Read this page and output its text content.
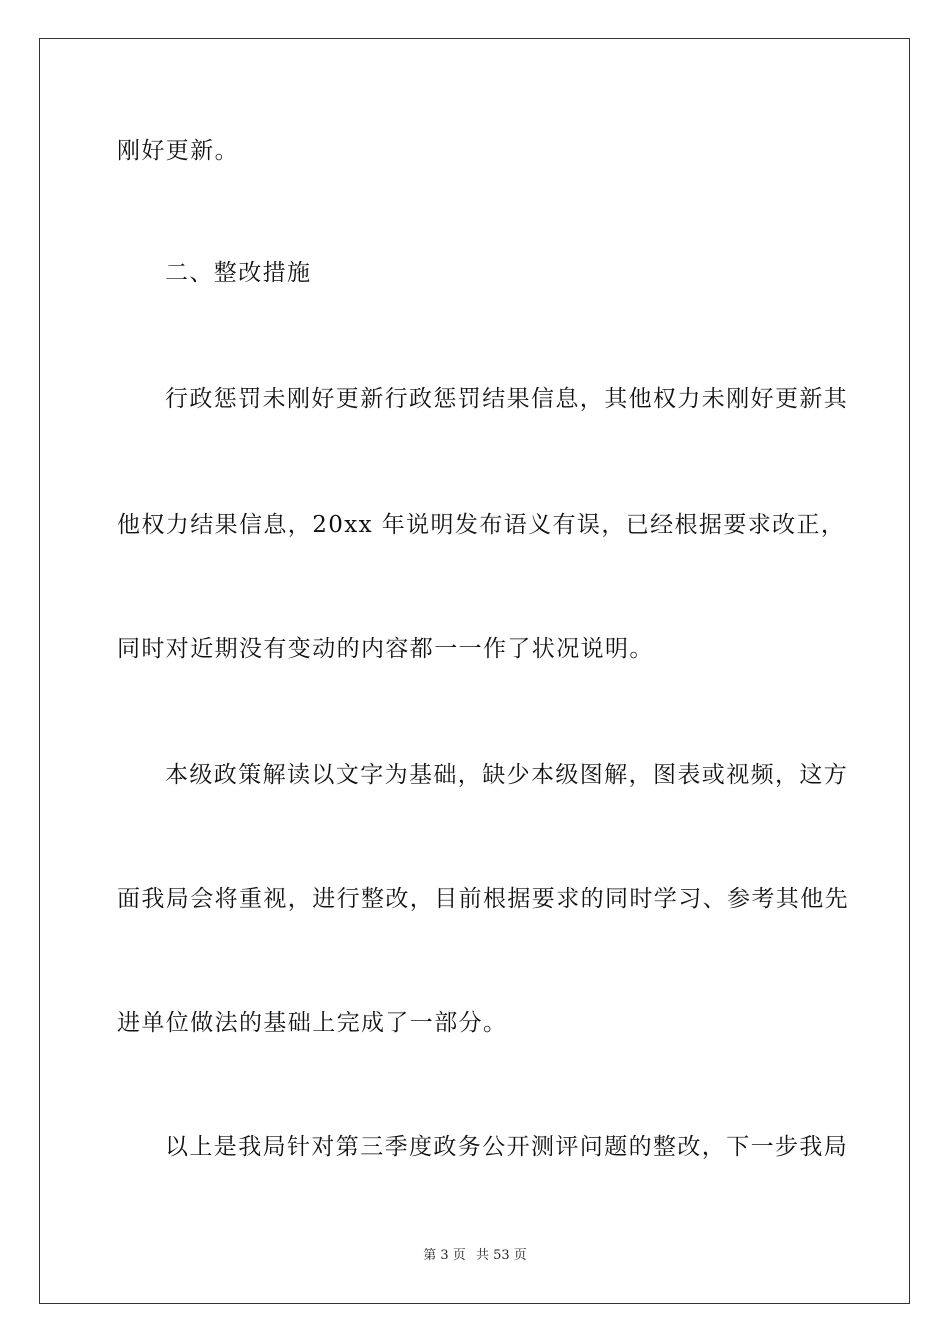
刚好更新。
二、整改措施
行政惩罚未刚好更新行政惩罚结果信息，其他权力未刚好更新其
他权力结果信息，20xx 年说明发布语义有误，已经根据要求改正，
同时对近期没有变动的内容都一一作了状况说明。
本级政策解读以文字为基础，缺少本级图解，图表或视频，这方
面我局会将重视，进行整改，目前根据要求的同时学习、参考其他先
进单位做法的基础上完成了一部分。
以上是我局针对第三季度政务公开测评问题的整改，下一步我局
第 3 页 共 53 页
